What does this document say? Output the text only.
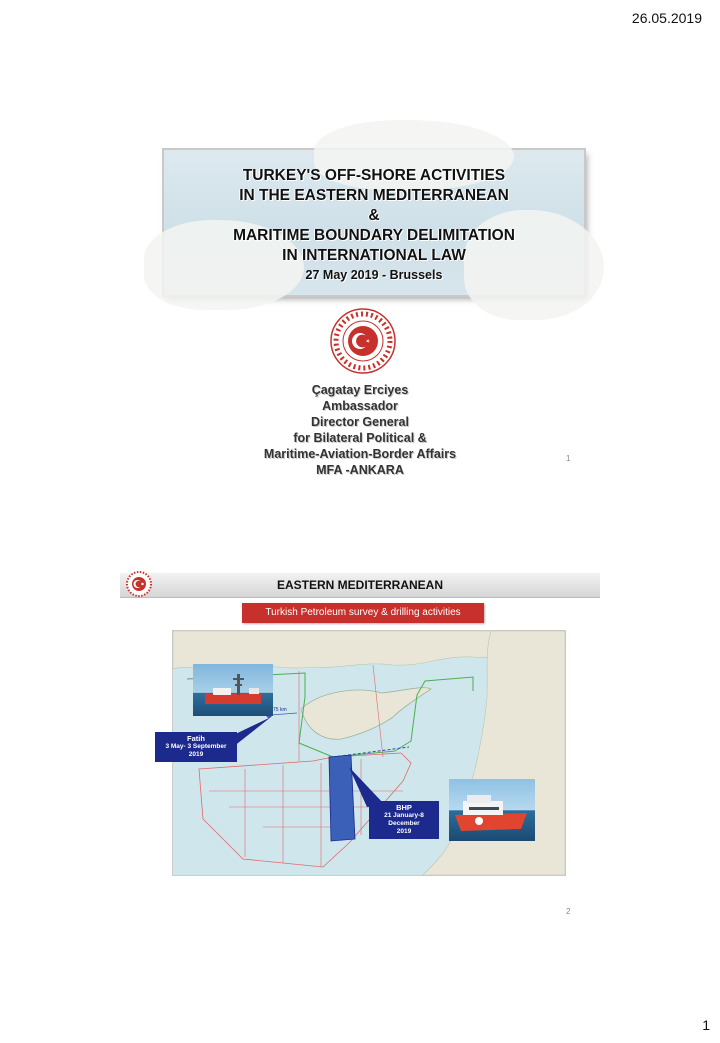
26.05.2019
TURKEY'S OFF-SHORE ACTIVITIES
IN THE EASTERN MEDITERRANEAN
&
MARITIME BOUNDARY DELIMITATION
IN INTERNATIONAL LAW
27 May 2019 - Brussels
Çagatay Erciyes
Ambassador
Director General
for Bilateral Political &
Maritime-Aviation-Border Affairs
MFA -ANKARA
1
EASTERN MEDITERRANEAN
Turkish Petroleum survey & drilling activities
75 km
Fatih
3 May- 3 September
2019
BHP
21 January-8 December
2019
2
1
